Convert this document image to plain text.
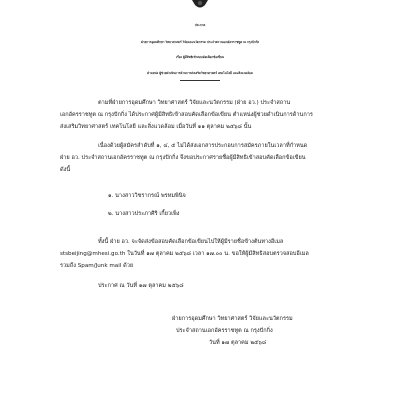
ประกาศ
ฝ่ายการอุดมศึกษา วิทยาศาสตร์ วิจัยและนวัตกรรม ประจำสถานเอกอัครราชทูต ณ กรุงปักกิ่ง
เรื่อง ผู้มีสิทธิเข้าสอบคัดเลือกข้อเขียน
ตำแหน่ง ผู้ช่วยดำเนินการด้านการส่งเสริมวิทยาศาสตร์ เทคโนโลยี และสิ่งแวดล้อม
ตามที่ฝ่ายการอุดมศึกษา วิทยาศาสตร์ วิจัยและนวัตกรรม (ฝ่าย อว.) ประจำสถาน
เอกอัครราชทูต ณ กรุงปักกิ่ง ได้ประกาศผู้มีสิทธิเข้าสอบคัดเลือกข้อเขียน ตำแหน่งผู้ช่วยดำเนินการด้านการ
ส่งเสริมวิทยาศาสตร์ เทคโนโลยี และสิ่งแวดล้อม เมื่อวันที่ ๑๑ ตุลาคม ๒๕๖๘ นั้น
เนื่องด้วยผู้สมัครลำดับที่ ๑, ๔, ๕ ไม่ได้ส่งเอกสารประกอบการสมัครภายในเวลาที่กำหนด
ฝ่าย อว. ประจำสถานเอกอัครราชทูต ณ กรุงปักกิ่ง จึงขอประกาศรายชื่อผู้มีสิทธิเข้าสอบคัดเลือกข้อเขียน
ดังนี้
๑. นางสาววิชรากรณ์ พรหมพินิจ
๒. นางสาวประภาศิริ เกี้ยวเพ็ง
ทั้งนี้ ฝ่าย อว. จะจัดส่งข้อสอบคัดเลือกข้อเขียนไปให้ผู้มีรายชื่อข้างต้นทางอีเมล
stsbeijing@mhesi.go.th ในวันที่ ๑๗ ตุลาคม ๒๕๖๘ เวลา ๑๗.๐๐ น. ขอให้ผู้มีสิทธิสอบตรวจสอบอีเมล
รวมถึง Spam/Junk mail ด้วย
ประกาศ ณ วันที่ ๑๗ ตุลาคม ๒๕๖๘
ฝ่ายการอุดมศึกษา วิทยาศาสตร์ วิจัยและนวัตกรรม
ประจำสถานเอกอัครราชทูต ณ กรุงปักกิ่ง
วันที่ ๑๗ ตุลาคม ๒๕๖๘
